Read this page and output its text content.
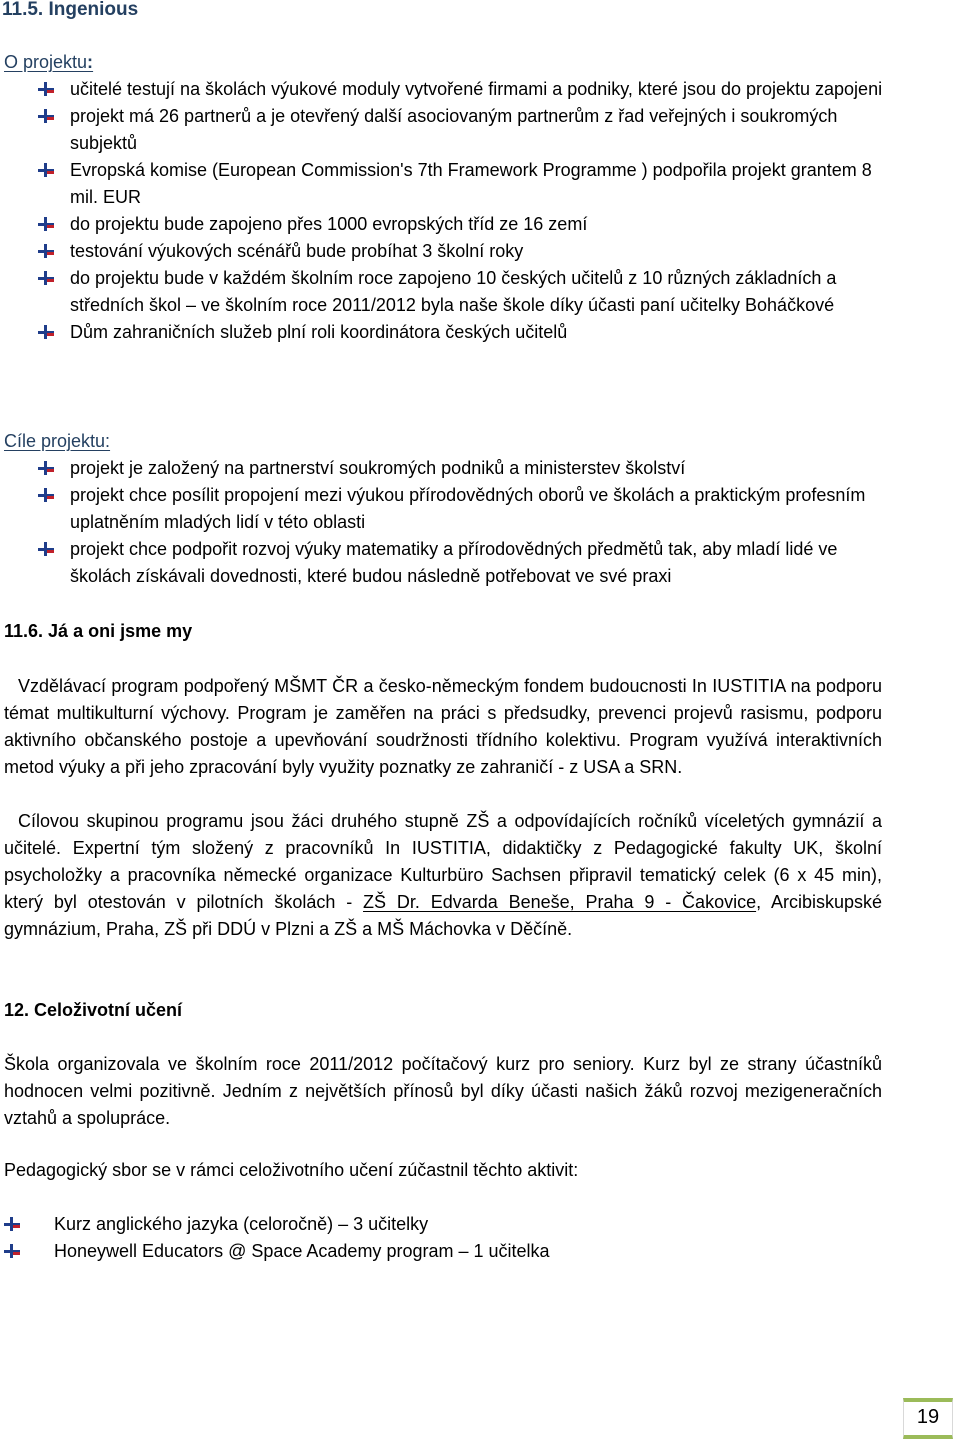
11.5. Ingenious
O projektu:
učitelé testují na školách výukové moduly vytvořené firmami a podniky, které jsou do projektu zapojeni
projekt má 26 partnerů a je otevřený další asociovaným partnerům z řad veřejných i soukromých subjektů
Evropská komise (European Commission's 7th Framework Programme ) podpořila projekt grantem 8 mil. EUR
do projektu bude zapojeno přes 1000 evropských tříd ze 16 zemí
testování výukových scénářů bude probíhat 3 školní roky
do projektu bude v každém školním roce zapojeno 10 českých učitelů z 10 různých základních a středních škol – ve školním roce 2011/2012 byla naše škole díky účasti paní učitelky Boháčkové
Dům zahraničních služeb plní roli koordinátora českých učitelů
Cíle projektu:
projekt je založený na partnerství soukromých podniků a ministerstev školství
projekt chce posílit propojení mezi výukou přírodovědných oborů ve školách a praktickým profesním uplatněním mladých lidí v této oblasti
projekt chce podpořit rozvoj výuky matematiky a přírodovědných předmětů tak, aby mladí lidé ve školách získávali dovednosti, které budou následně potřebovat ve své praxi
11.6. Já a oni jsme my

Vzdělávací program podpořený MŠMT ČR a česko-německým fondem budoucnosti In IUSTITIA na podporu témat multikulturní výchovy. Program je zaměřen na práci s předsudky, prevenci projevů rasismu, podporu aktivního občanského postoje a upevňování soudržnosti třídního kolektivu. Program využívá interaktivních metod výuky a při jeho zpracování byly využity poznatky ze zahraničí - z USA a SRN.

Cílovou skupinou programu jsou žáci druhého stupně ZŠ a odpovídajících ročníků víceletých gymnázií a učitelé. Expertní tým složený z pracovníků In IUSTITIA, didaktičky z Pedagogické fakulty UK, školní psycholožky a pracovníka německé organizace Kulturbüro Sachsen připravil tematický celek (6 x 45 min), který byl otestován v pilotních školách - ZŠ Dr. Edvarda Beneše, Praha 9 - Čakovice, Arcibiskupské gymnázium, Praha, ZŠ při DDÚ v Plzni a ZŠ a MŠ Máchovka v Děčíně.

12. Celoživotní učení

Škola organizovala ve školním roce 2011/2012 počítačový kurz pro seniory. Kurz byl ze strany účastníků hodnocen velmi pozitivně. Jedním z největších přínosů byl díky účasti našich žáků rozvoj mezigeneračních vztahů a spolupráce.

Pedagogický sbor se v rámci celoživotního učení zúčastnil těchto aktivit:

Kurz anglického jazyka (celoročně) – 3 učitelky
Honeywell Educators @ Space Academy program – 1 učitelka
19
